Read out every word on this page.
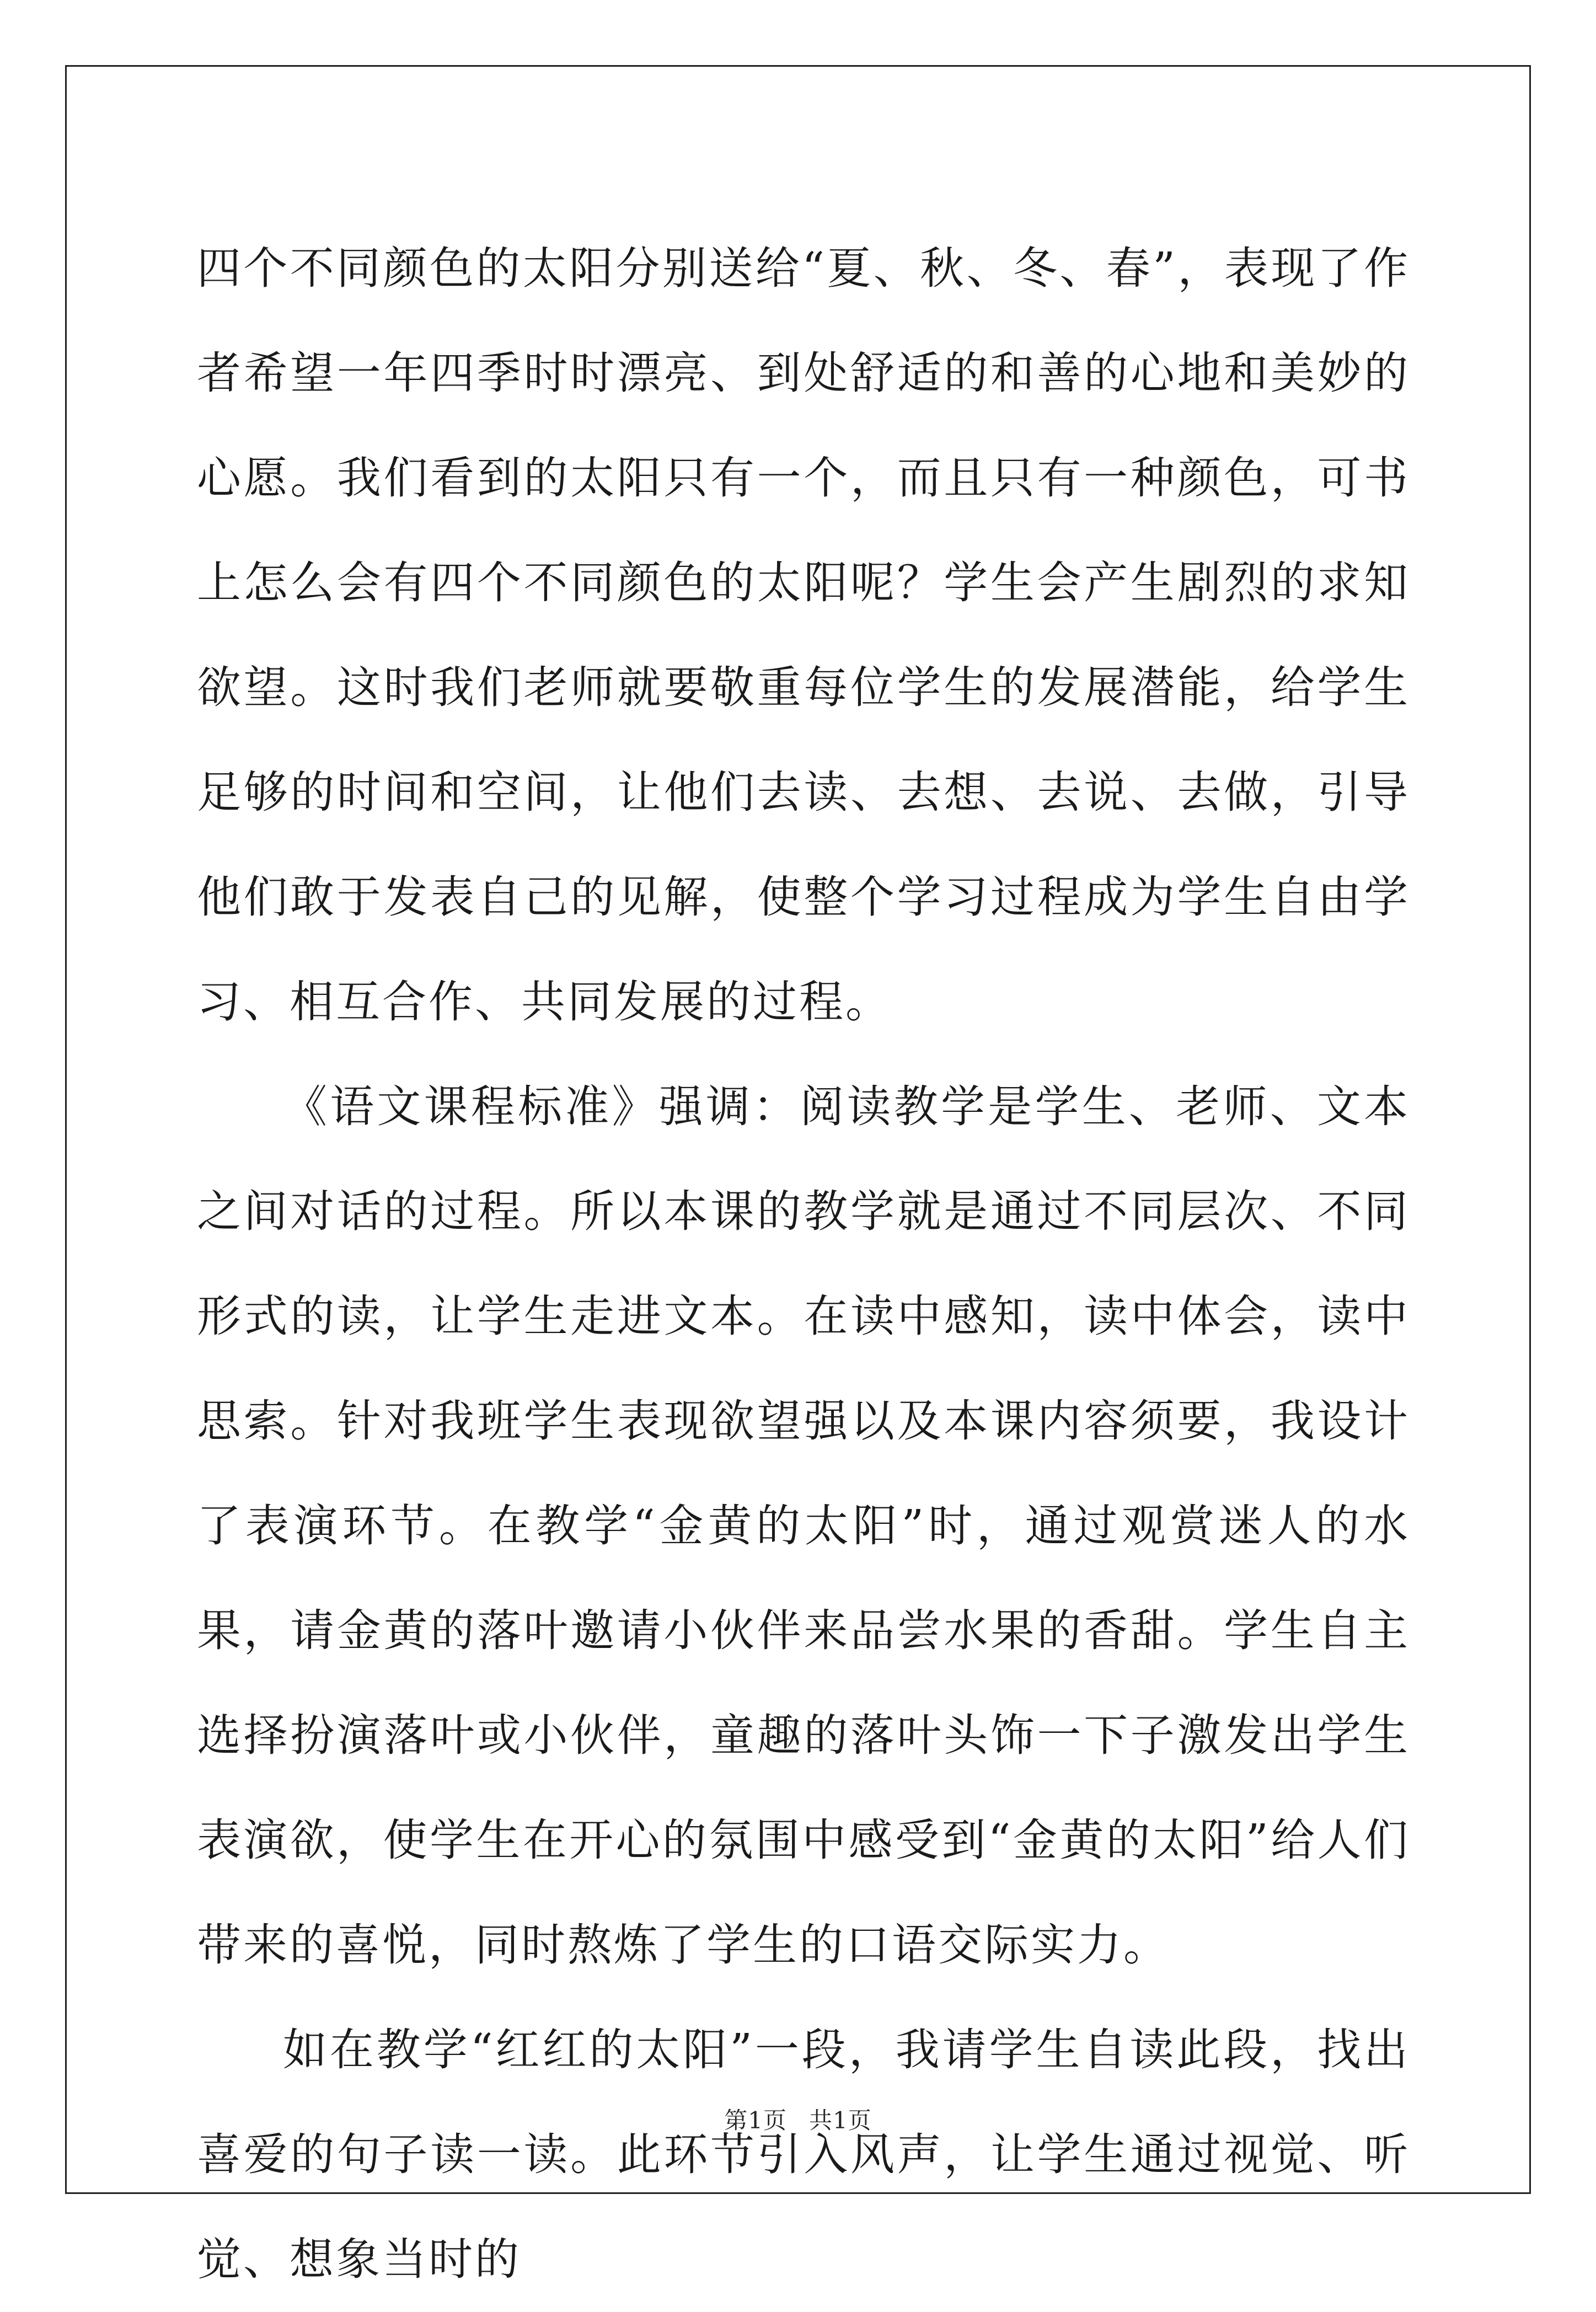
四个不同颜色的太阳分别送给“夏、秋、冬、春”，表现了作者希望一年四季时时漂亮、到处舒适的和善的心地和美妙的心愿。我们看到的太阳只有一个，而且只有一种颜色，可书上怎么会有四个不同颜色的太阳呢？学生会产生剧烈的求知欲望。这时我们老师就要敬重每位学生的发展潜能，给学生足够的时间和空间，让他们去读、去想、去说、去做，引导他们敢于发表自己的见解，使整个学习过程成为学生自由学习、相互合作、共同发展的过程。

《语文课程标准》强调：阅读教学是学生、老师、文本之间对话的过程。所以本课的教学就是通过不同层次、不同形式的读，让学生走进文本。在读中感知，读中体会，读中思索。针对我班学生表现欲望强以及本课内容须要，我设计了表演环节。在教学“金黄的太阳”时，通过观赏迷人的水果，请金黄的落叶邀请小伙伴来品尝水果的香甜。学生自主选择扮演落叶或小伙伴，童趣的落叶头饰一下子激发出学生表演欲，使学生在开心的氛围中感受到“金黄的太阳”给人们带来的喜悦，同时熬炼了学生的口语交际实力。

如在教学“红红的太阳”一段，我请学生自读此段，找出喜爱的句子读一读。此环节引入风声，让学生通过视觉、听觉、想象当时的

第1页 共1页
